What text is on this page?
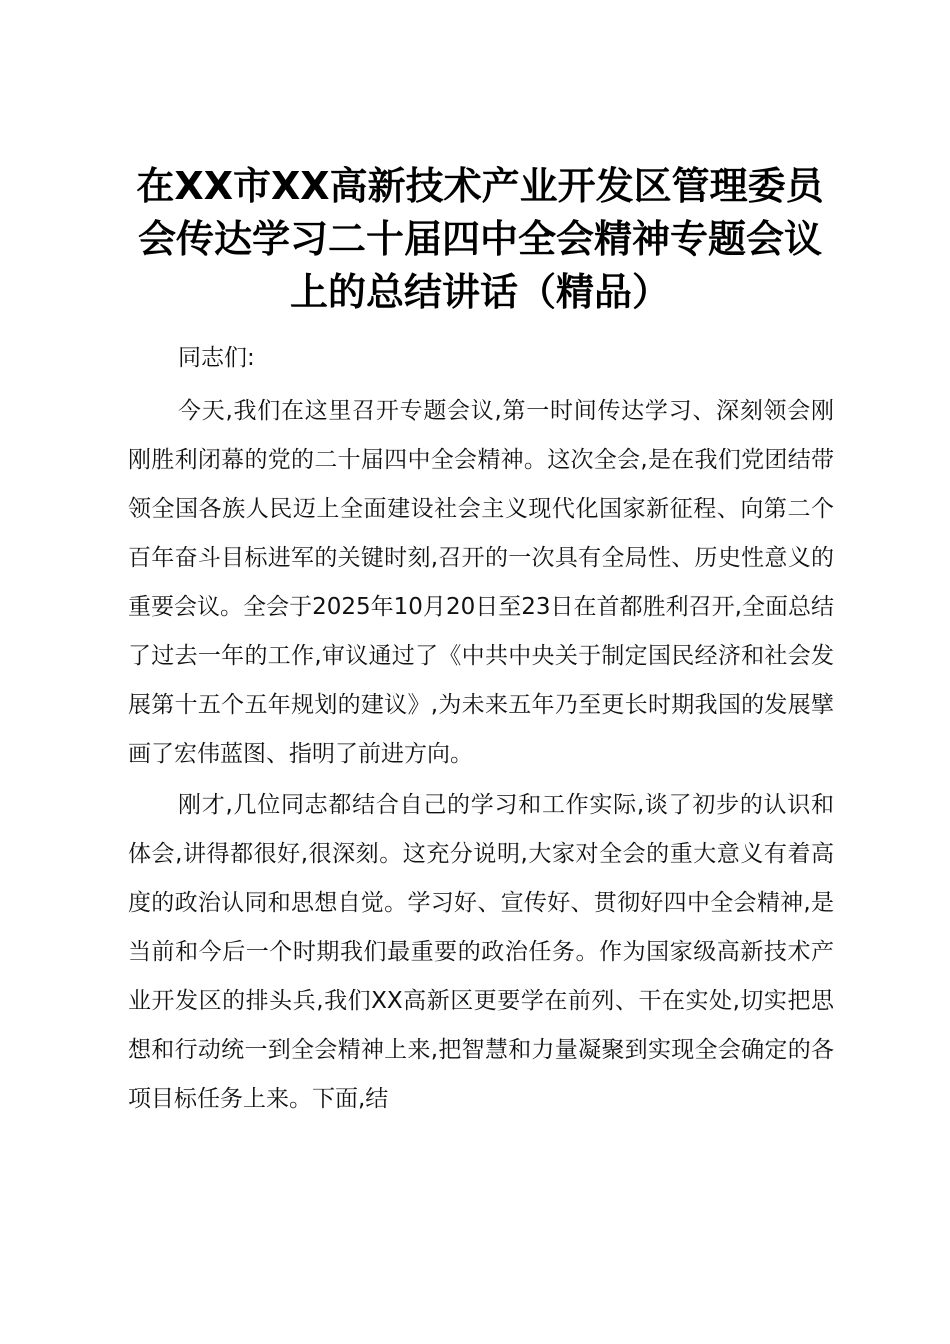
在XX市XX高新技术产业开发区管理委员会传达学习二十届四中全会精神专题会议上的总结讲话（精品）

同志们:

今天,我们在这里召开专题会议,第一时间传达学习、深刻领会刚刚胜利闭幕的党的二十届四中全会精神。这次全会,是在我们党团结带领全国各族人民迈上全面建设社会主义现代化国家新征程、向第二个百年奋斗目标进军的关键时刻,召开的一次具有全局性、历史性意义的重要会议。全会于2025年10月20日至23日在首都胜利召开,全面总结了过去一年的工作,审议通过了《中共中央关于制定国民经济和社会发展第十五个五年规划的建议》,为未来五年乃至更长时期我国的发展擘画了宏伟蓝图、指明了前进方向。

刚才,几位同志都结合自己的学习和工作实际,谈了初步的认识和体会,讲得都很好,很深刻。这充分说明,大家对全会的重大意义有着高度的政治认同和思想自觉。学习好、宣传好、贯彻好四中全会精神,是当前和今后一个时期我们最重要的政治任务。作为国家级高新技术产业开发区的排头兵,我们XX高新区更要学在前列、干在实处,切实把思想和行动统一到全会精神上来,把智慧和力量凝聚到实现全会确定的各项目标任务上来。下面,结
